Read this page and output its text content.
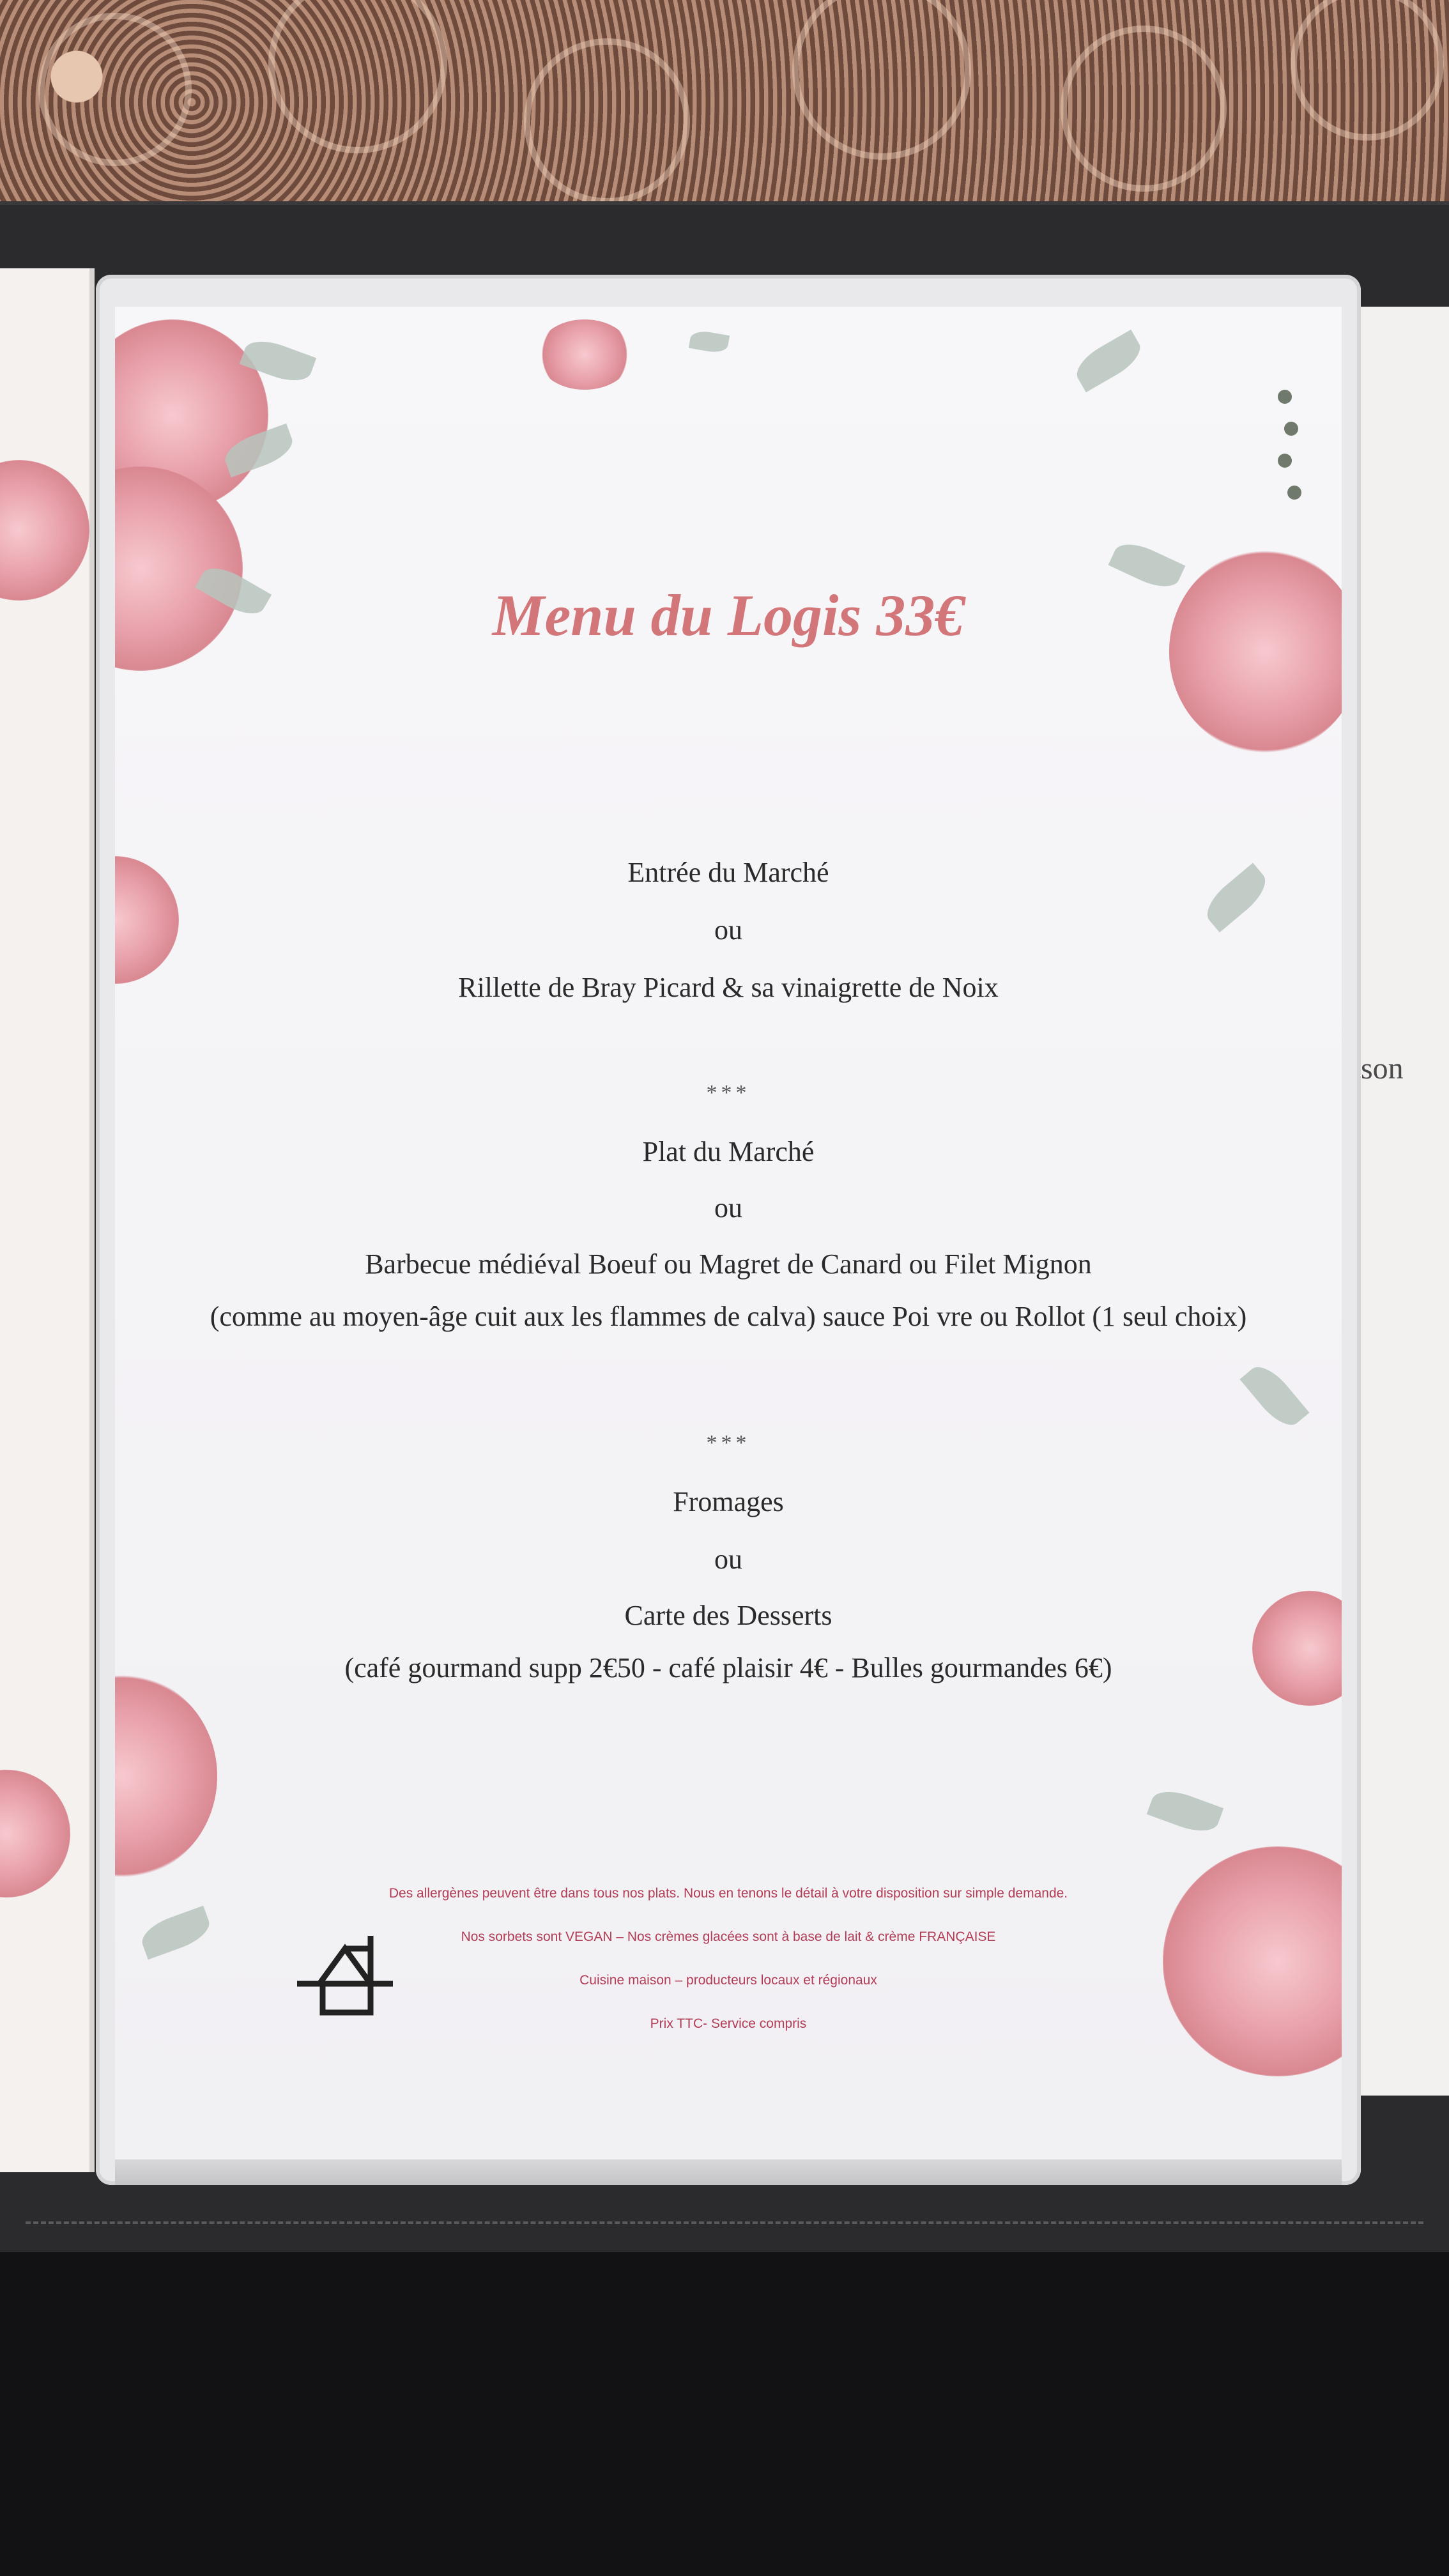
son
Menu du Logis 33€
Entrée du Marché
ou
Rillette de Bray Picard & sa vinaigrette de Noix
***
Plat du Marché
ou
Barbecue médiéval Boeuf ou Magret de Canard ou Filet Mignon
(comme au moyen-âge cuit aux les flammes de calva) sauce Poi vre ou Rollot (1 seul choix)
***
Fromages
ou
Carte des Desserts
(café gourmand supp 2€50 - café plaisir 4€ - Bulles gourmandes 6€)
Des allergènes peuvent être dans tous nos plats. Nous en tenons le détail à votre disposition sur simple demande.
Nos sorbets sont VEGAN – Nos crèmes glacées sont à base de lait & crème FRANÇAISE
Cuisine maison – producteurs locaux et régionaux
Prix TTC- Service compris
